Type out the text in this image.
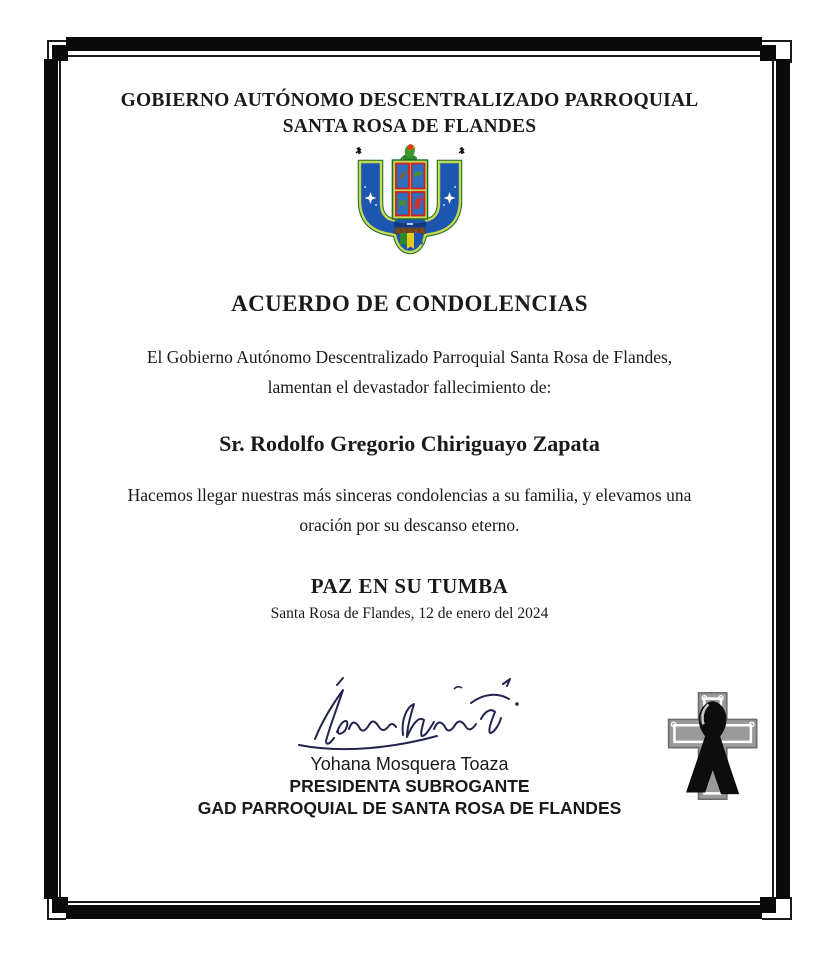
GOBIERNO AUTÓNOMO DESCENTRALIZADO PARROQUIAL
SANTA ROSA DE FLANDES
ACUERDO DE CONDOLENCIAS

El Gobierno Autónomo Descentralizado Parroquial Santa Rosa de Flandes,
lamentan el devastador fallecimiento de:

Sr. Rodolfo Gregorio Chiriguayo Zapata

Hacemos llegar nuestras más sinceras condolencias a su familia, y elevamos una
oración por su descanso eterno.

PAZ EN SU TUMBA
Santa Rosa de Flandes, 12 de enero del 2024
Yohana Mosquera Toaza
PRESIDENTA SUBROGANTE
GAD PARROQUIAL DE SANTA ROSA DE FLANDES
